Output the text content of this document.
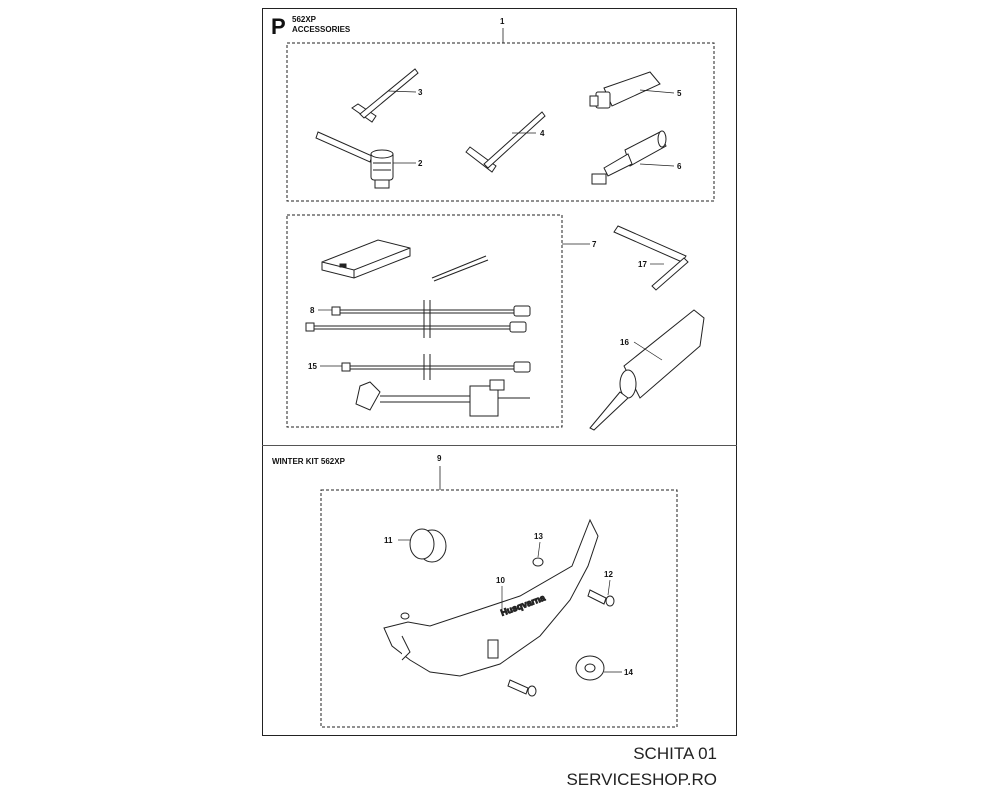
P 562XP
ACCESSORIES
WINTER KIT 562XP
1
3
2
4
5
6
7
8
15
17
16
9
11	13
Husqvarna
10
12
14
SCHITA 01
SERVICESHOP.RO
